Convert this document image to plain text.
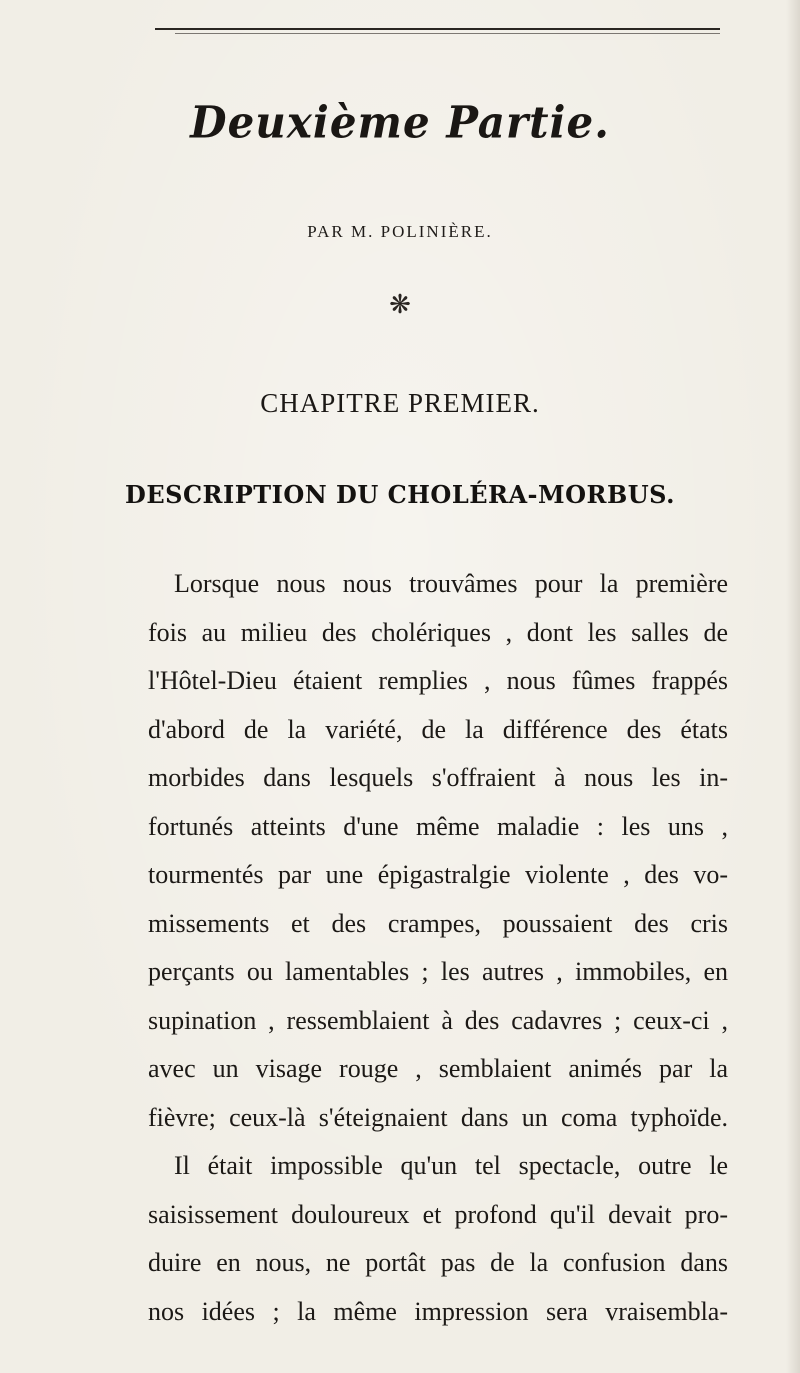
Deuxième Partie.
PAR M. POLINIÈRE.
❋
CHAPITRE PREMIER.
DESCRIPTION DU CHOLÉRA-MORBUS.
Lorsque nous nous trouvâmes pour la première
fois au milieu des cholériques , dont les salles de
l'Hôtel-Dieu étaient remplies , nous fûmes frappés
d'abord de la variété, de la différence des états
morbides dans lesquels s'offraient à nous les in-
fortunés atteints d'une même maladie : les uns ,
tourmentés par une épigastralgie violente , des vo-
missements et des crampes, poussaient des cris
perçants ou lamentables ; les autres , immobiles, en
supination , ressemblaient à des cadavres ; ceux-ci ,
avec un visage rouge , semblaient animés par la
fièvre; ceux-là s'éteignaient dans un coma typhoïde.
Il était impossible qu'un tel spectacle, outre le
saisissement douloureux et profond qu'il devait pro-
duire en nous, ne portât pas de la confusion dans
nos idées ; la même impression sera vraisembla-
